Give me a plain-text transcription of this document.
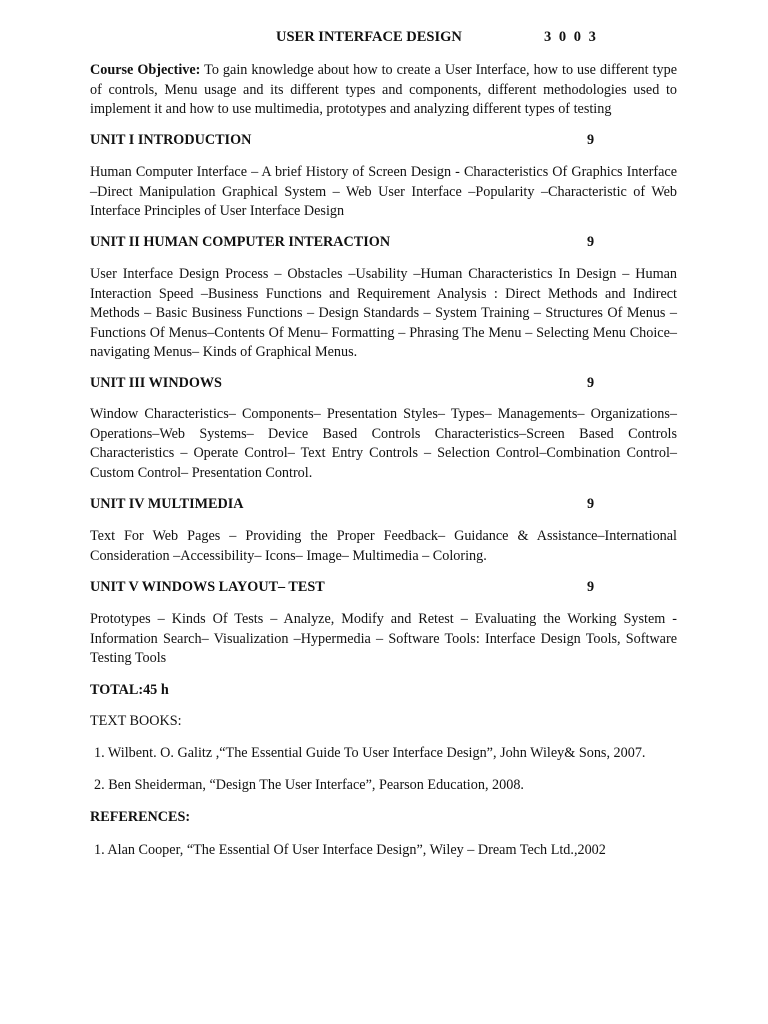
USER INTERFACE DESIGN	3 0 0 3

Course Objective: To gain knowledge about how to create a User Interface, how to use different type of controls, Menu usage and its different types and components, different methodologies used to implement it and how to use multimedia, prototypes and analyzing different types of testing

UNIT I INTRODUCTION	9

Human Computer Interface – A brief History of Screen Design - Characteristics Of Graphics Interface –Direct Manipulation Graphical System – Web User Interface –Popularity –Characteristic of Web Interface Principles of User Interface Design

UNIT II HUMAN COMPUTER INTERACTION	9

User Interface Design Process – Obstacles –Usability –Human Characteristics In Design – Human Interaction Speed –Business Functions and Requirement Analysis : Direct Methods and Indirect Methods – Basic Business Functions – Design Standards – System Training – Structures Of Menus – Functions Of Menus–Contents Of Menu– Formatting – Phrasing The Menu – Selecting Menu Choice– navigating Menus– Kinds of Graphical Menus.

UNIT III WINDOWS	9

Window Characteristics– Components– Presentation Styles– Types– Managements– Organizations– Operations–Web Systems– Device Based Controls Characteristics–Screen Based Controls Characteristics – Operate Control– Text Entry Controls – Selection Control–Combination Control– Custom Control– Presentation Control.

UNIT IV MULTIMEDIA	9

Text For Web Pages – Providing the Proper Feedback– Guidance & Assistance–International Consideration –Accessibility– Icons– Image– Multimedia – Coloring.

UNIT V WINDOWS LAYOUT– TEST	9

Prototypes – Kinds Of Tests – Analyze, Modify and Retest – Evaluating the Working System - Information Search– Visualization –Hypermedia – Software Tools: Interface Design Tools, Software Testing Tools

TOTAL:45 h

TEXT BOOKS:

1. Wilbent. O. Galitz ,“The Essential Guide To User Interface Design”, John Wiley& Sons, 2007.

2. Ben Sheiderman, “Design The User Interface”, Pearson Education, 2008.

REFERENCES:

1. Alan Cooper, “The Essential Of User Interface Design”, Wiley – Dream Tech Ltd.,2002
